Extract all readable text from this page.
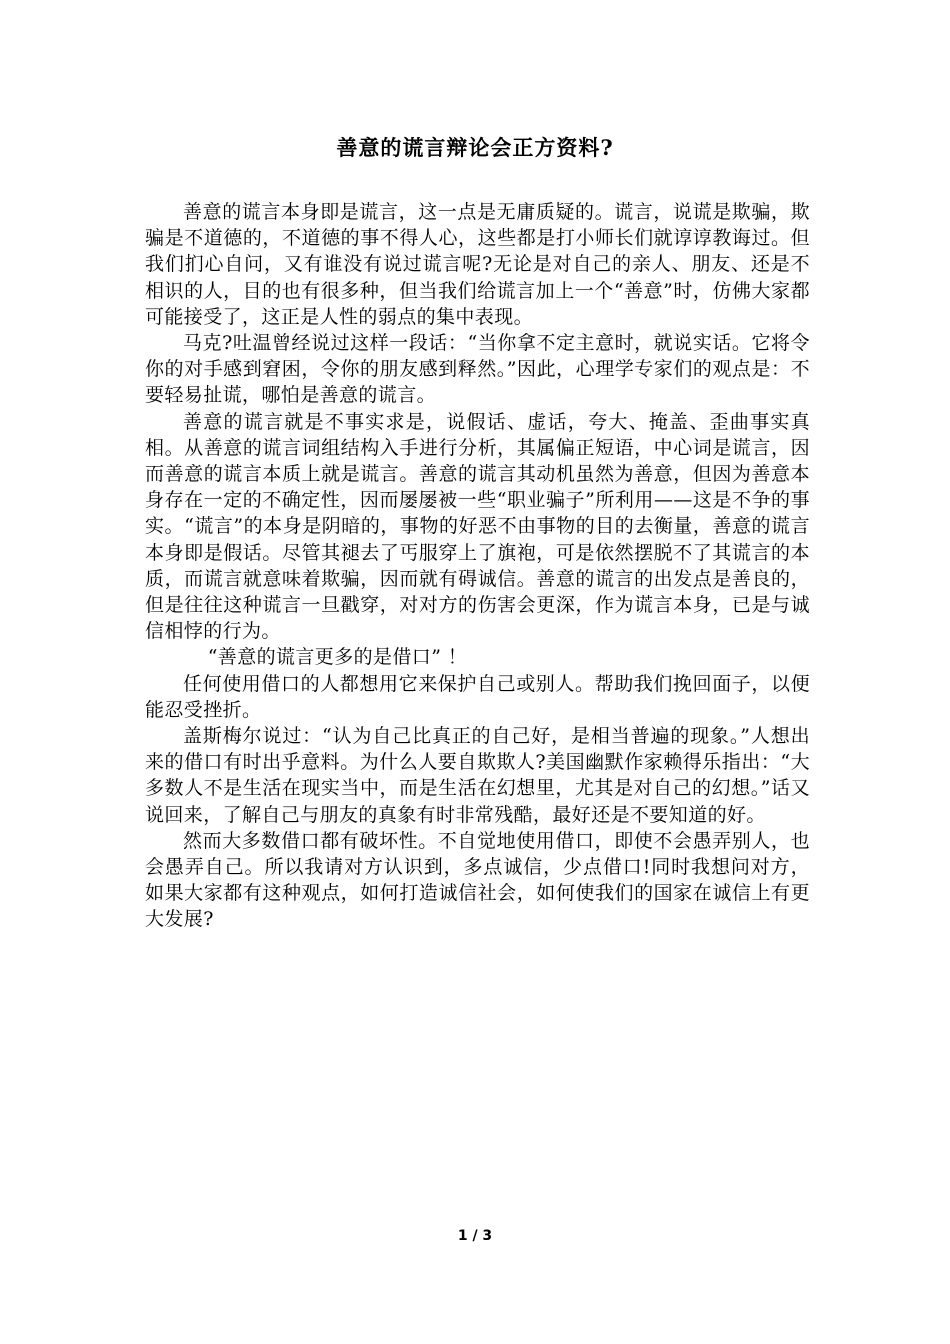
善意的谎言辩论会正方资料?

善意的谎言本身即是谎言，这一点是无庸质疑的。谎言，说谎是欺骗，欺骗是不道德的，不道德的事不得人心，这些都是打小师长们就谆谆教诲过。但我们扪心自问，又有谁没有说过谎言呢?无论是对自己的亲人、朋友、还是不相识的人，目的也有很多种，但当我们给谎言加上一个“善意”时，仿佛大家都可能接受了，这正是人性的弱点的集中表现。

马克?吐温曾经说过这样一段话：“当你拿不定主意时，就说实话。它将令你的对手感到窘困，令你的朋友感到释然。”因此，心理学专家们的观点是：不要轻易扯谎，哪怕是善意的谎言。

善意的谎言就是不事实求是，说假话、虚话，夸大、掩盖、歪曲事实真相。从善意的谎言词组结构入手进行分析，其属偏正短语，中心词是谎言，因而善意的谎言本质上就是谎言。善意的谎言其动机虽然为善意，但因为善意本身存在一定的不确定性，因而屡屡被一些“职业骗子”所利用——这是不争的事实。“谎言”的本身是阴暗的，事物的好恶不由事物的目的去衡量，善意的谎言本身即是假话。尽管其褪去了丐服穿上了旗袍，可是依然摆脱不了其谎言的本质，而谎言就意味着欺骗，因而就有碍诚信。善意的谎言的出发点是善良的，但是往往这种谎言一旦戳穿，对对方的伤害会更深，作为谎言本身，已是与诚信相悖的行为。

“善意的谎言更多的是借口” ！

任何使用借口的人都想用它来保护自己或别人。帮助我们挽回面子，以便能忍受挫折。

盖斯梅尔说过：“认为自己比真正的自己好，是相当普遍的现象。”人想出来的借口有时出乎意料。为什么人要自欺欺人?美国幽默作家赖得乐指出：“大多数人不是生活在现实当中，而是生活在幻想里，尤其是对自己的幻想。”话又说回来，了解自己与朋友的真象有时非常残酷，最好还是不要知道的好。

然而大多数借口都有破坏性。不自觉地使用借口，即使不会愚弄别人，也会愚弄自己。所以我请对方认识到，多点诚信，少点借口!同时我想问对方，如果大家都有这种观点，如何打造诚信社会，如何使我们的国家在诚信上有更大发展?

1 / 3
